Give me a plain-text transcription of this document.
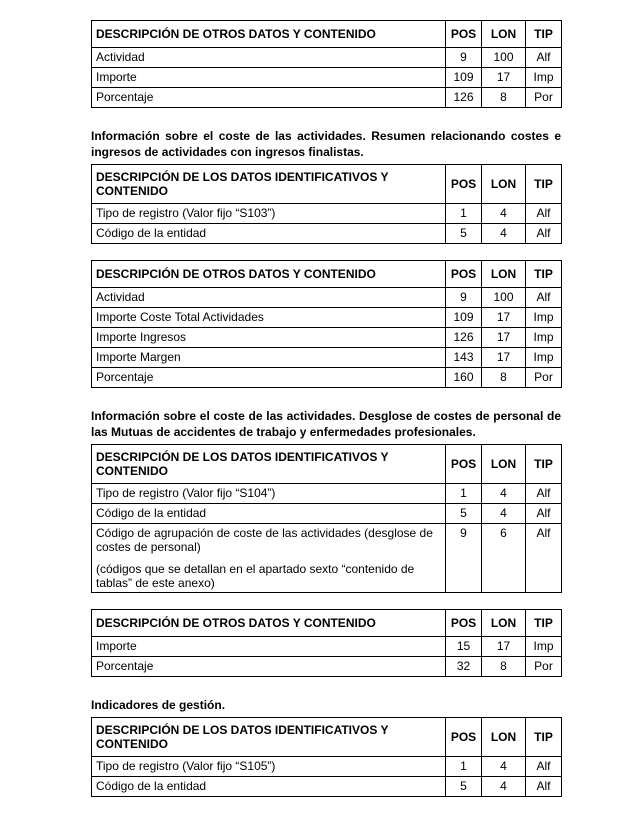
DESCRIPCIÓN DE OTROS DATOS Y CONTENIDO	POS	LON	TIP
Actividad	9	100	Alf
Importe	109	17	Imp
Porcentaje	126	8	Por

Información sobre el coste de las actividades. Resumen relacionando costes e ingresos de actividades con ingresos finalistas.

DESCRIPCIÓN DE LOS DATOS IDENTIFICATIVOS Y CONTENIDO	POS	LON	TIP
Tipo de registro (Valor fijo “S103”)	1	4	Alf
Código de la entidad	5	4	Alf
DESCRIPCIÓN DE OTROS DATOS Y CONTENIDO	POS	LON	TIP
Actividad	9	100	Alf
Importe Coste Total Actividades	109	17	Imp
Importe Ingresos	126	17	Imp
Importe Margen	143	17	Imp
Porcentaje	160	8	Por

Información sobre el coste de las actividades. Desglose de costes de personal de las Mutuas de accidentes de trabajo y enfermedades profesionales.

DESCRIPCIÓN DE LOS DATOS IDENTIFICATIVOS Y CONTENIDO	POS	LON	TIP
Tipo de registro (Valor fijo “S104”)	1	4	Alf
Código de la entidad	5	4	Alf
Código de agrupación de coste de las actividades (desglose de costes de personal)
(códigos que se detallan en el apartado sexto “contenido de tablas” de este anexo)	9	6	Alf
DESCRIPCIÓN DE OTROS DATOS Y CONTENIDO	POS	LON	TIP
Importe	15	17	Imp
Porcentaje	32	8	Por

Indicadores de gestión.

DESCRIPCIÓN DE LOS DATOS IDENTIFICATIVOS Y CONTENIDO	POS	LON	TIP
Tipo de registro (Valor fijo “S105”)	1	4	Alf
Código de la entidad	5	4	Alf
